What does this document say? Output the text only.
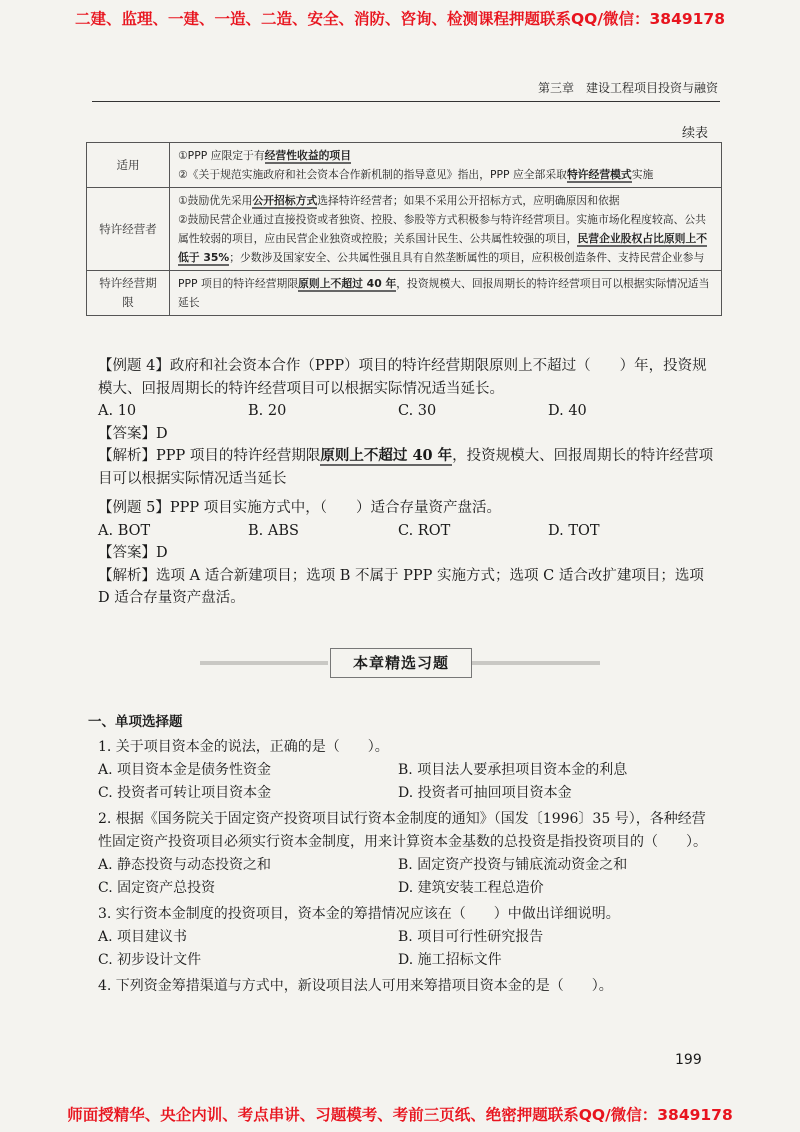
二建、监理、一建、一造、二造、安全、消防、咨询、检测课程押题联系QQ/微信：3849178
第三章　建设工程项目投资与融资
续表
适用	①PPP 应限定于有经营性收益的项目
②《关于规范实施政府和社会资本合作新机制的指导意见》指出，PPP 应全部采取特许经营模式实施

特许经营者	①鼓励优先采用公开招标方式选择特许经营者；如果不采用公开招标方式，应明确原因和依据
②鼓励民营企业通过直接投资或者独资、控股、参股等方式积极参与特许经营项目。实施市场化程度较高、公共属性较弱的项目，应由民营企业独资或控股；关系国计民生、公共属性较强的项目，民营企业股权占比原则上不低于 35%；少数涉及国家安全、公共属性强且具有自然垄断属性的项目，应积极创造条件、支持民营企业参与

特许经营期限	PPP 项目的特许经营期限原则上不超过 40 年，投资规模大、回报周期长的特许经营项目可以根据实际情况适当延长

【例题 4】政府和社会资本合作（PPP）项目的特许经营期限原则上不超过（　　）年，投资规模大、回报周期长的特许经营项目可以根据实际情况适当延长。

A. 10	B. 20	C. 30	D. 40

【答案】D

【解析】PPP 项目的特许经营期限原则上不超过 40 年，投资规模大、回报周期长的特许经营项目可以根据实际情况适当延长

【例题 5】PPP 项目实施方式中，（　　）适合存量资产盘活。

A. BOT	B. ABS	C. ROT	D. TOT

【答案】D

【解析】选项 A 适合新建项目；选项 B 不属于 PPP 实施方式；选项 C 适合改扩建项目；选项 D 适合存量资产盘活。

本章精选习题

一、单项选择题

1. 关于项目资本金的说法，正确的是（　　）。

A. 项目资本金是债务性资金	B. 项目法人要承担项目资本金的利息
C. 投资者可转让项目资本金	D. 投资者可抽回项目资本金

2. 根据《国务院关于固定资产投资项目试行资本金制度的通知》（国发〔1996〕35 号），各种经营性固定资产投资项目必须实行资本金制度，用来计算资本金基数的总投资是指投资项目的（　　）。

A. 静态投资与动态投资之和	B. 固定资产投资与铺底流动资金之和
C. 固定资产总投资	D. 建筑安装工程总造价

3. 实行资本金制度的投资项目，资本金的筹措情况应该在（　　）中做出详细说明。

A. 项目建议书	B. 项目可行性研究报告
C. 初步设计文件	D. 施工招标文件

4. 下列资金筹措渠道与方式中，新设项目法人可用来筹措项目资本金的是（　　）。

199
师面授精华、央企内训、考点串讲、习题模考、考前三页纸、绝密押题联系QQ/微信：3849178
